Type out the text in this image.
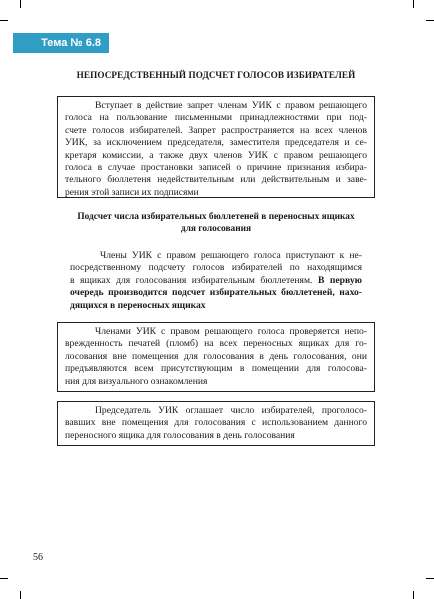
Тема № 6.8
НЕПОСРЕДСТВЕННЫЙ ПОДСЧЕТ ГОЛОСОВ ИЗБИРАТЕЛЕЙ
Вступает в действие запрет членам УИК с правом решающего
голоса на пользование письменными принадлежностями при под-
счете голосов избирателей. Запрет распространяется на всех членов
УИК, за исключением председателя, заместителя председателя и се-
кретаря комиссии, а также двух членов УИК с правом решающего
голоса в случае простановки записей о причине признания избира-
тельного бюллетеня недействительным или действительным и заве-
рения этой записи их подписями
Подсчет числа избирательных бюллетеней в переносных ящиках
для голосования
Члены УИК с правом решающего голоса приступают к не-
посредственному подсчету голосов избирателей по находящимся
в ящиках для голосования избирательным бюллетеням. В первую
очередь производится подсчет избирательных бюллетеней, нахо-
дящихся в переносных ящиках
Членами УИК с правом решающего голоса проверяется непо-
врежденность печатей (пломб) на всех переносных ящиках для го-
лосования вне помещения для голосования в день голосования, они
предъявляются всем присутствующим в помещении для голосова-
ния для визуального ознакомления
Председатель УИК оглашает число избирателей, проголосо-
вавших вне помещения для голосования с использованием данного
переносного ящика для голосования в день голосования
56
